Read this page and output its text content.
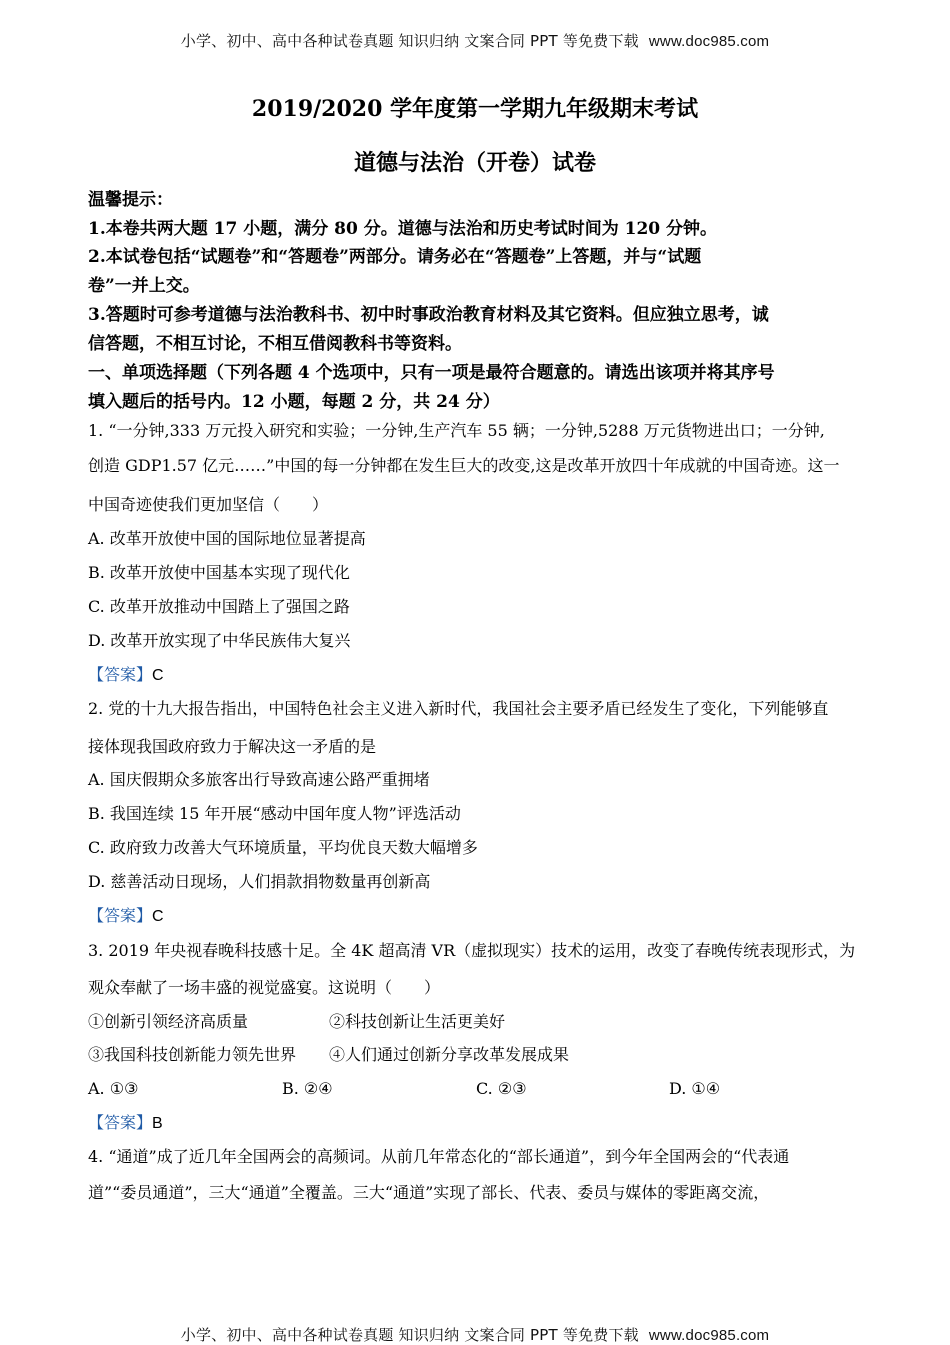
小学、初中、高中各种试卷真题 知识归纳 文案合同 PPT 等免费下载 www.doc985.com
2019/2020 学年度第一学期九年级期末考试
道德与法治（开卷）试卷
温馨提示：
1.本卷共两大题 17 小题，满分 80 分。道德与法治和历史考试时间为 120 分钟。
2.本试卷包括“试题卷”和“答题卷”两部分。请务必在“答题卷”上答题，并与“试题
卷”一并上交。
3.答题时可参考道德与法治教科书、初中时事政治教育材料及其它资料。但应独立思考，诚
信答题，不相互讨论，不相互借阅教科书等资料。
一、单项选择题（下列各题 4 个选项中，只有一项是最符合题意的。请选出该项并将其序号
填入题后的括号内。12 小题，每题 2 分，共 24 分）
1. “一分钟,333 万元投入研究和实验；一分钟,生产汽车 55 辆；一分钟,5288 万元货物进出口；一分钟,
创造 GDP1.57 亿元……”中国的每一分钟都在发生巨大的改变,这是改革开放四十年成就的中国奇迹。这一
中国奇迹使我们更加坚信（　　）
A. 改革开放使中国的国际地位显著提高
B. 改革开放使中国基本实现了现代化
C. 改革开放推动中国踏上了强国之路
D. 改革开放实现了中华民族伟大复兴
【答案】C
2. 党的十九大报告指出，中国特色社会主义进入新时代，我国社会主要矛盾已经发生了变化，下列能够直
接体现我国政府致力于解决这一矛盾的是
A. 国庆假期众多旅客出行导致高速公路严重拥堵
B. 我国连续 15 年开展“感动中国年度人物”评选活动
C. 政府致力改善大气环境质量，平均优良天数大幅增多
D. 慈善活动日现场，人们捐款捐物数量再创新高
【答案】C
3. 2019 年央视春晚科技感十足。全 4K 超高清 VR（虚拟现实）技术的运用，改变了春晚传统表现形式，为
观众奉献了一场丰盛的视觉盛宴。这说明（　　）
①创新引领经济高质量	②科技创新让生活更美好
③我国科技创新能力领先世界 ④人们通过创新分享改革发展成果
A. ①③	B. ②④	C. ②③	D. ①④
【答案】B
4. “通道”成了近几年全国两会的高频词。从前几年常态化的“部长通道”，到今年全国两会的“代表通
道”“委员通道”，三大“通道”全覆盖。三大“通道”实现了部长、代表、委员与媒体的零距离交流，
小学、初中、高中各种试卷真题 知识归纳 文案合同 PPT 等免费下载 www.doc985.com
